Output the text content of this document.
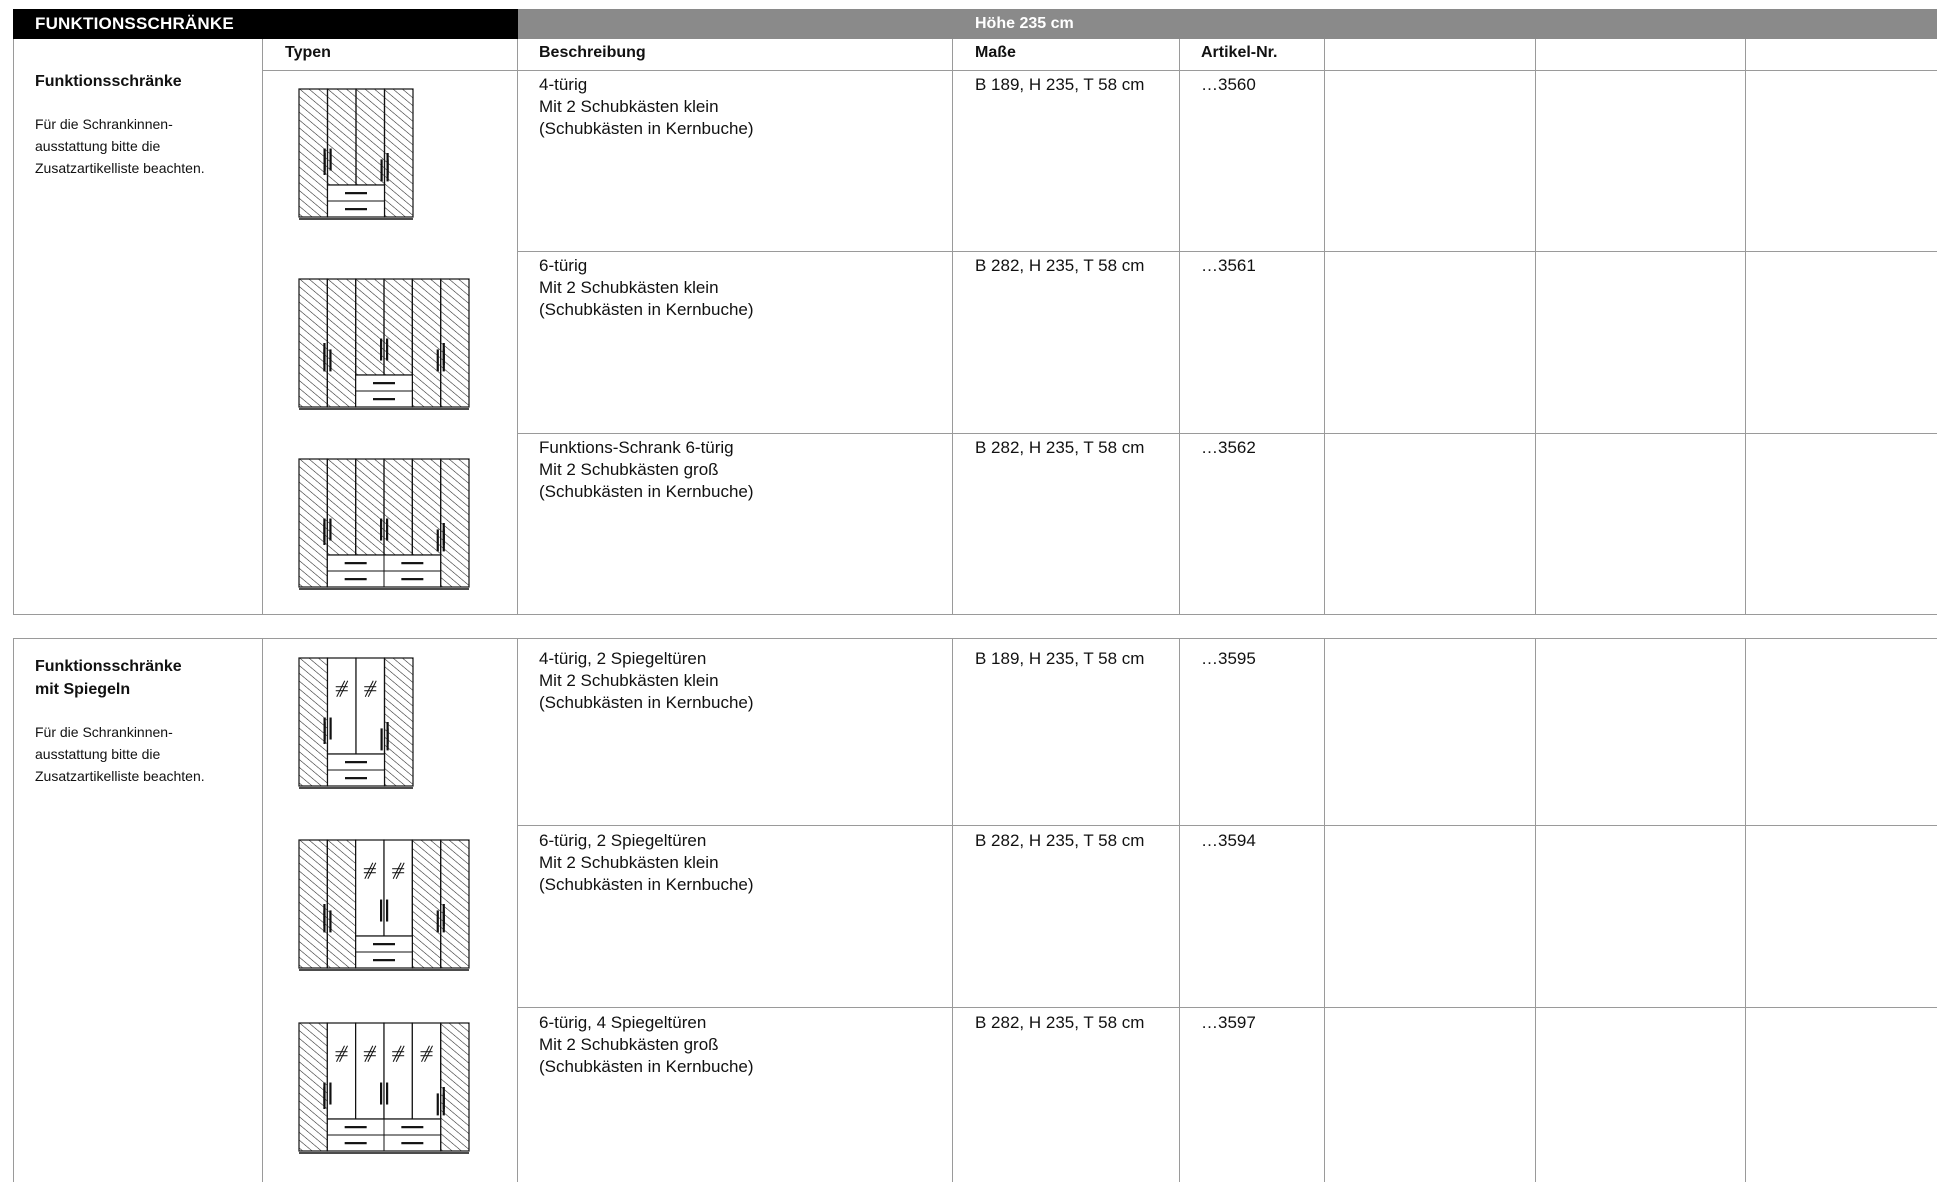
FUNKTIONSSCHRÄNKE	Höhe 235 cm
Typen	Beschreibung	Maße	Artikel-Nr.
Funktionsschränke
Für die Schrankinnen-
ausstattung bitte die
Zusatzartikelliste beachten.
4-türig
Mit 2 Schubkästen klein
(Schubkästen in Kernbuche)
B 189, H 235, T 58 cm	…3560
6-türig
Mit 2 Schubkästen klein
(Schubkästen in Kernbuche)
B 282, H 235, T 58 cm	…3561
Funktions-Schrank 6-türig
Mit 2 Schubkästen groß
(Schubkästen in Kernbuche)
B 282, H 235, T 58 cm	…3562
Funktionsschränke
mit Spiegeln
Für die Schrankinnen-
ausstattung bitte die
Zusatzartikelliste beachten.
4-türig, 2 Spiegeltüren
Mit 2 Schubkästen klein
(Schubkästen in Kernbuche)
B 189, H 235, T 58 cm	…3595
6-türig, 2 Spiegeltüren
Mit 2 Schubkästen klein
(Schubkästen in Kernbuche)
B 282, H 235, T 58 cm	…3594
6-türig, 4 Spiegeltüren
Mit 2 Schubkästen groß
(Schubkästen in Kernbuche)
B 282, H 235, T 58 cm	…3597
